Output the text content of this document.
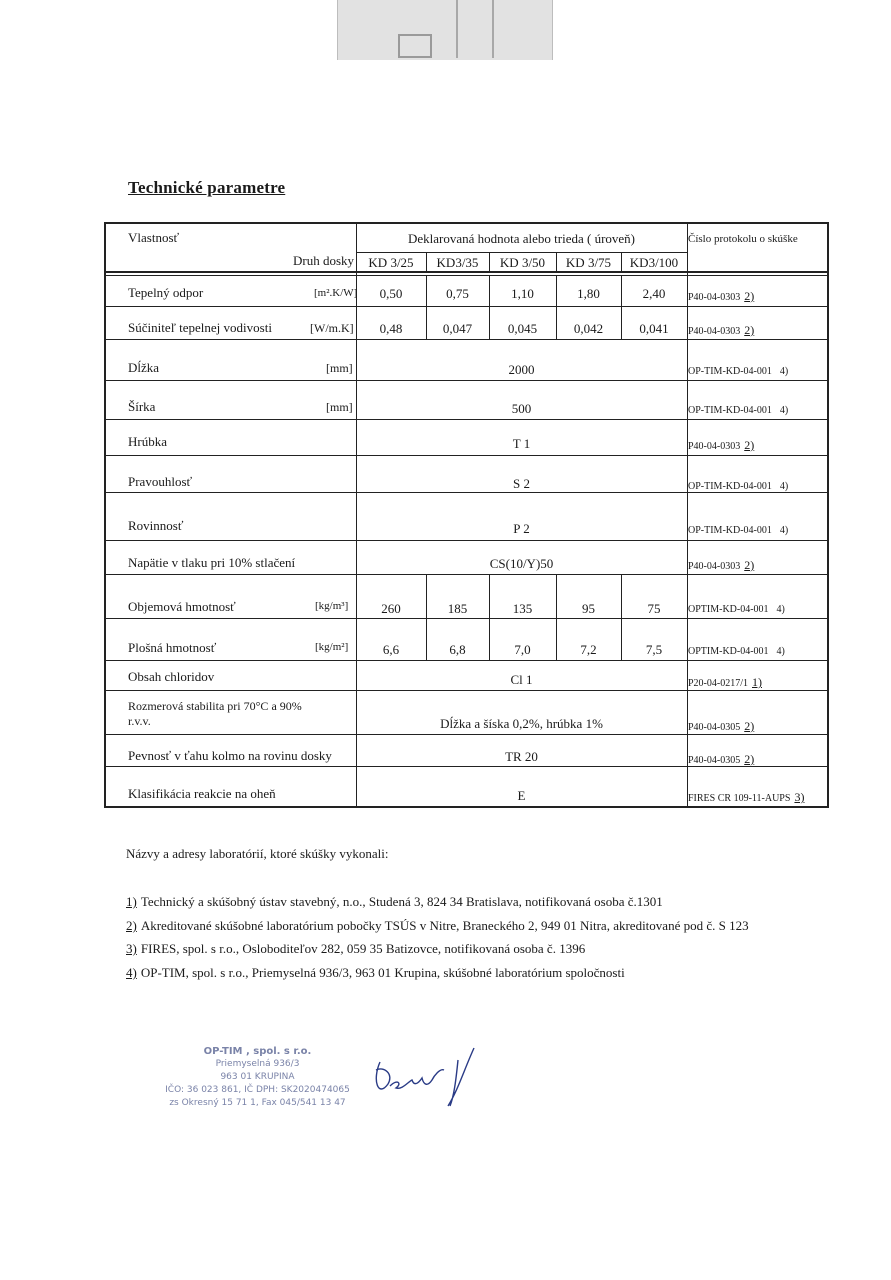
Technické parametre
Vlastnosť
Druh dosky
Deklarovaná hodnota alebo trieda ( úroveň)	Číslo protokolu o skúške
KD 3/25	KD3/35	KD 3/50	KD 3/75	KD3/100
Tepelný odpor	[m².K/W]	0,50	0,75	1,10	1,80	2,40	P40-04-0303 2)
Súčiniteľ tepelnej vodivosti	[W/m.K]	0,48	0,047	0,045	0,042	0,041	P40-04-0303 2)
Dĺžka	[mm]	2000	OP-TIM-KD-04-001 4)
Šírka	[mm]	500	OP-TIM-KD-04-001 4)
Hrúbka	T 1	P40-04-0303 2)
Pravouhlosť	S 2	OP-TIM-KD-04-001 4)
Rovinnosť	P 2	OP-TIM-KD-04-001 4)
Napätie v tlaku pri 10% stlačení	CS(10/Y)50	P40-04-0303 2)
Objemová hmotnosť	[kg/m³]	260	185	135	95	75	OPTIM-KD-04-001 4)
Plošná hmotnosť	[kg/m²]	6,6	6,8	7,0	7,2	7,5	OPTIM-KD-04-001 4)
Obsah chloridov	Cl 1	P20-04-0217/1 1)
Rozmerová stabilita pri 70°C a 90%
r.v.v.	Dĺžka a šíska 0,2%, hrúbka 1%	P40-04-0305 2)
Pevnosť v ťahu kolmo na rovinu dosky	TR 20	P40-04-0305 2)
Klasifikácia reakcie na oheň	E	FIRES CR 109-11-AUPS 3)
Názvy a adresy laboratórií, ktoré skúšky vykonali:
1) Technický a skúšobný ústav stavebný, n.o., Studená 3, 824 34 Bratislava, notifikovaná osoba č.1301
2) Akreditované skúšobné laboratórium pobočky TSÚS v Nitre, Braneckého 2, 949 01 Nitra, akreditované pod č. S 123
3) FIRES, spol. s r.o., Osloboditeľov 282, 059 35 Batizovce, notifikovaná osoba č. 1396
4) OP-TIM, spol. s r.o., Priemyselná 936/3, 963 01 Krupina, skúšobné laboratórium spoločnosti
OP-TIM , spol. s r.o.
Priemyselná 936/3
963 01 KRUPINA
IČO: 36 023 861, IČ DPH: SK2020474065
zs Okresný 15 71 1, Fax 045/541 13 47
